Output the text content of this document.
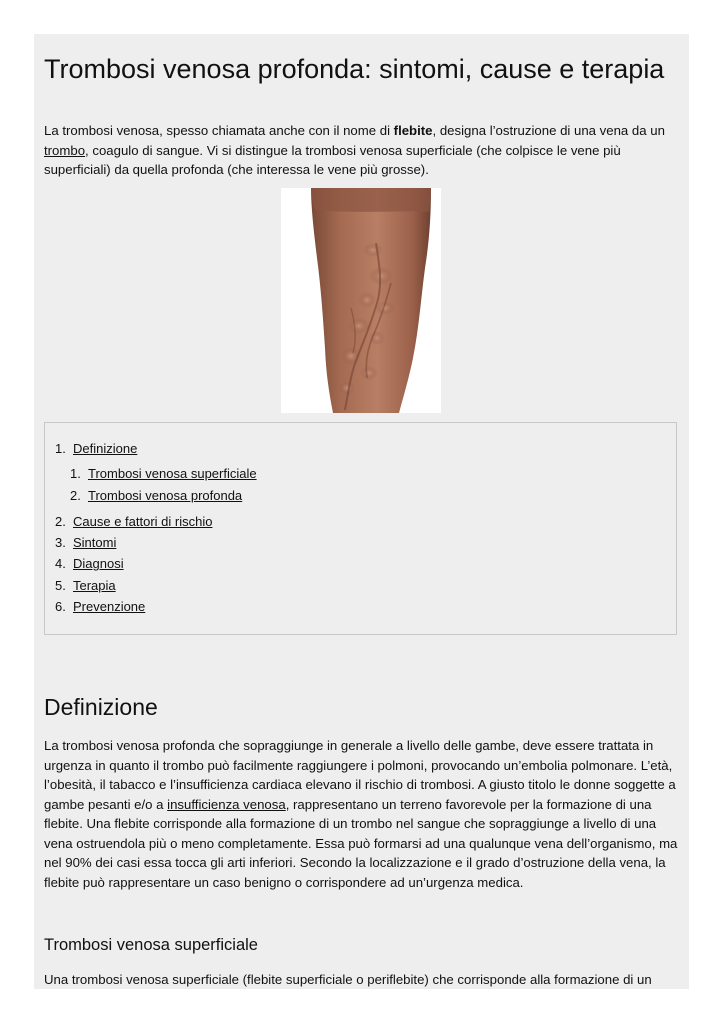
Trombosi venosa profonda: sintomi, cause e terapia

La trombosi venosa, spesso chiamata anche con il nome di flebite, designa l’ostruzione di una vena da un trombo, coagulo di sangue. Vi si distingue la trombosi venosa superficiale (che colpisce le vene più superficiali) da quella profonda (che interessa le vene più grosse).

1. Definizione
1. Trombosi venosa superficiale
2. Trombosi venosa profonda
2. Cause e fattori di rischio
3. Sintomi
4. Diagnosi
5. Terapia
6. Prevenzione
Definizione

La trombosi venosa profonda che sopraggiunge in generale a livello delle gambe, deve essere trattata in urgenza in quanto il trombo può facilmente raggiungere i polmoni, provocando un’embolia polmonare. L’età, l’obesità, il tabacco e l’insufficienza cardiaca elevano il rischio di trombosi. A giusto titolo le donne soggette a gambe pesanti e/o a insufficienza venosa, rappresentano un terreno favorevole per la formazione di una flebite. Una flebite corrisponde alla formazione di un trombo nel sangue che sopraggiunge a livello di una vena ostruendola più o meno completamente. Essa può formarsi ad una qualunque vena dell’organismo, ma nel 90% dei casi essa tocca gli arti inferiori. Secondo la localizzazione e il grado d’ostruzione della vena, la flebite può rappresentare un caso benigno o corrispondere ad un’urgenza medica.

Trombosi venosa superficiale

Una trombosi venosa superficiale (flebite superficiale o periflebite) che corrisponde alla formazione di un
